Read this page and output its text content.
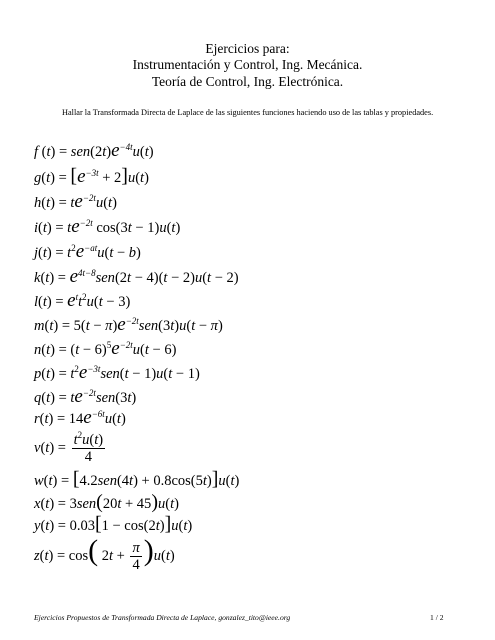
Ejercicios para:
Instrumentación y Control, Ing. Mecánica.
Teoría de Control, Ing. Electrónica.
Hallar la Transformada Directa de Laplace de las siguientes funciones haciendo uso de las tablas y propiedades.
f $(t) = sen(2t)e^{-4t}u(t)$
$g(t) = [e^{-3t} + 2]u(t)$
$h(t) = te^{-2t}u(t)$
$i(t) = te^{-2t}$ cos(3t − 1)u(t)
$j(t) = t^2e^{-at}u(t - b)$
$k(t) = e^{4t-8}sen(2t - 4)(t - 2)u(t - 2)$
$l(t) = e^tt^2u(t - 3)$
$m(t) = 5(t - \pi)e^{-2t}sen(3t)u(t - \pi)$
$n(t) = (t - 6)^5e^{-2t}u(t - 6)$
$p(t) = t^2e^{-3t}sen(t - 1)u(t - 1)$
$q(t) = te^{-2t}sen(3t)$
$r(t) = 14e^{-6t}u(t)$
$v(t) = \frac{t^2u(t)}{4}$
w(t) = [4.2sen(4t) + 0.8cos(5t)]u(t)
x(t) = 3sen(20t + 45)u(t)
y(t) = 0.03[1 − cos(2t)]u(t)
z(t) = cos( $2t + \frac{\pi}{4} )u(t)$
Ejercicios Propuestos de Transformada Directa de Laplace, gonzalez_tito@ieee.org	1 / 2
